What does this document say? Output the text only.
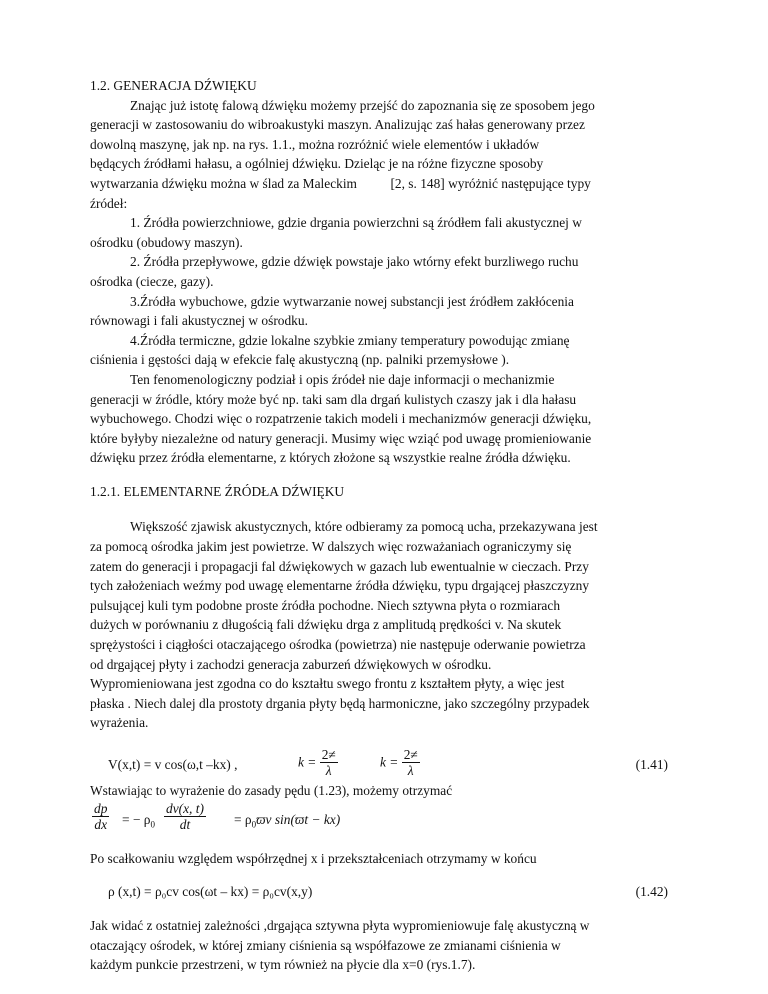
1.2. GENERACJA DŹWIĘKU

Znając już istotę falową dźwięku możemy przejść do zapoznania się ze sposobem jego

generacji w zastosowaniu do wibroakustyki maszyn. Analizując zaś hałas generowany przez

dowolną maszynę, jak np. na rys. 1.1., można rozróżnić wiele elementów i układów

będących źródłami hałasu, a ogólniej dźwięku. Dzieląc je na różne fizyczne sposoby

wytwarzania dźwięku można w ślad za Maleckim          [2, s. 148] wyróżnić następujące typy

źródeł:

1. Źródła powierzchniowe, gdzie drgania powierzchni są źródłem fali akustycznej w

ośrodku (obudowy maszyn).

2. Źródła przepływowe, gdzie dźwięk powstaje jako wtórny efekt burzliwego ruchu

ośrodka (ciecze, gazy).

3.Źródła wybuchowe, gdzie wytwarzanie nowej substancji jest źródłem zakłócenia

równowagi i fali akustycznej w ośrodku.

4.Źródła termiczne, gdzie lokalne szybkie zmiany temperatury powodując zmianę

ciśnienia i gęstości dają w efekcie falę akustyczną (np. palniki przemysłowe ).

Ten fenomenologiczny podział i opis źródeł nie daje informacji o mechanizmie

generacji w źródle, który może być np. taki sam dla drgań kulistych czaszy jak i dla hałasu

wybuchowego. Chodzi więc o rozpatrzenie takich modeli i mechanizmów generacji dźwięku,

które byłyby niezależne od natury generacji. Musimy więc wziąć pod uwagę promieniowanie

dźwięku przez źródła elementarne, z których złożone są wszystkie realne źródła dźwięku.

1.2.1. ELEMENTARNE ŹRÓDŁA DŹWIĘKU

Większość zjawisk akustycznych, które odbieramy za pomocą ucha, przekazywana jest

za pomocą ośrodka jakim jest powietrze. W dalszych więc rozważaniach ograniczymy się

zatem do generacji i propagacji fal dźwiękowych w gazach lub ewentualnie w cieczach. Przy

tych założeniach weźmy pod uwagę elementarne źródła dźwięku, typu drgającej płaszczyzny

pulsującej kuli tym podobne proste źródła pochodne. Niech sztywna płyta o rozmiarach

dużych w porównaniu z długością fali dźwięku drga z amplitudą prędkości v. Na skutek

sprężystości i ciągłości otaczającego ośrodka (powietrza) nie następuje oderwanie powietrza

od drgającej płyty i zachodzi generacja zaburzeń dźwiękowych w ośrodku.

Wypromieniowana jest zgodna co do kształtu swego frontu z kształtem płyty, a więc jest

płaska . Niech dalej dla prostoty drgania płyty będą harmoniczne, jako szczególny przypadek

wyrażenia.

V(x,t) = v cos(ω,t –kx) ,	$k = \frac{2\ne}{\lambda}$	$k = \frac{2\ne}{\lambda}$	(1.41)

Wstawiając to wyrażenie do zasady pędu (1.23), możemy otrzymać

$\frac{dp}{dx}$ = − $\rho_0 \frac{dv(x, t)}{dt} = \rho_0ϖv$ sin(ϖt − kx)

Po scałkowaniu względem współrzędnej x i przekształceniach otrzymamy w końcu

ρ (x,t) = ρ₀cv cos(ωt – kx) = ρ₀cv(x,y)	(1.42)

Jak widać z ostatniej zależności ,drgająca sztywna płyta wypromieniowuje falę akustyczną w

otaczający ośrodek, w której zmiany ciśnienia są współfazowe ze zmianami ciśnienia w

każdym punkcie przestrzeni, w tym również na płycie dla x=0 (rys.1.7).
